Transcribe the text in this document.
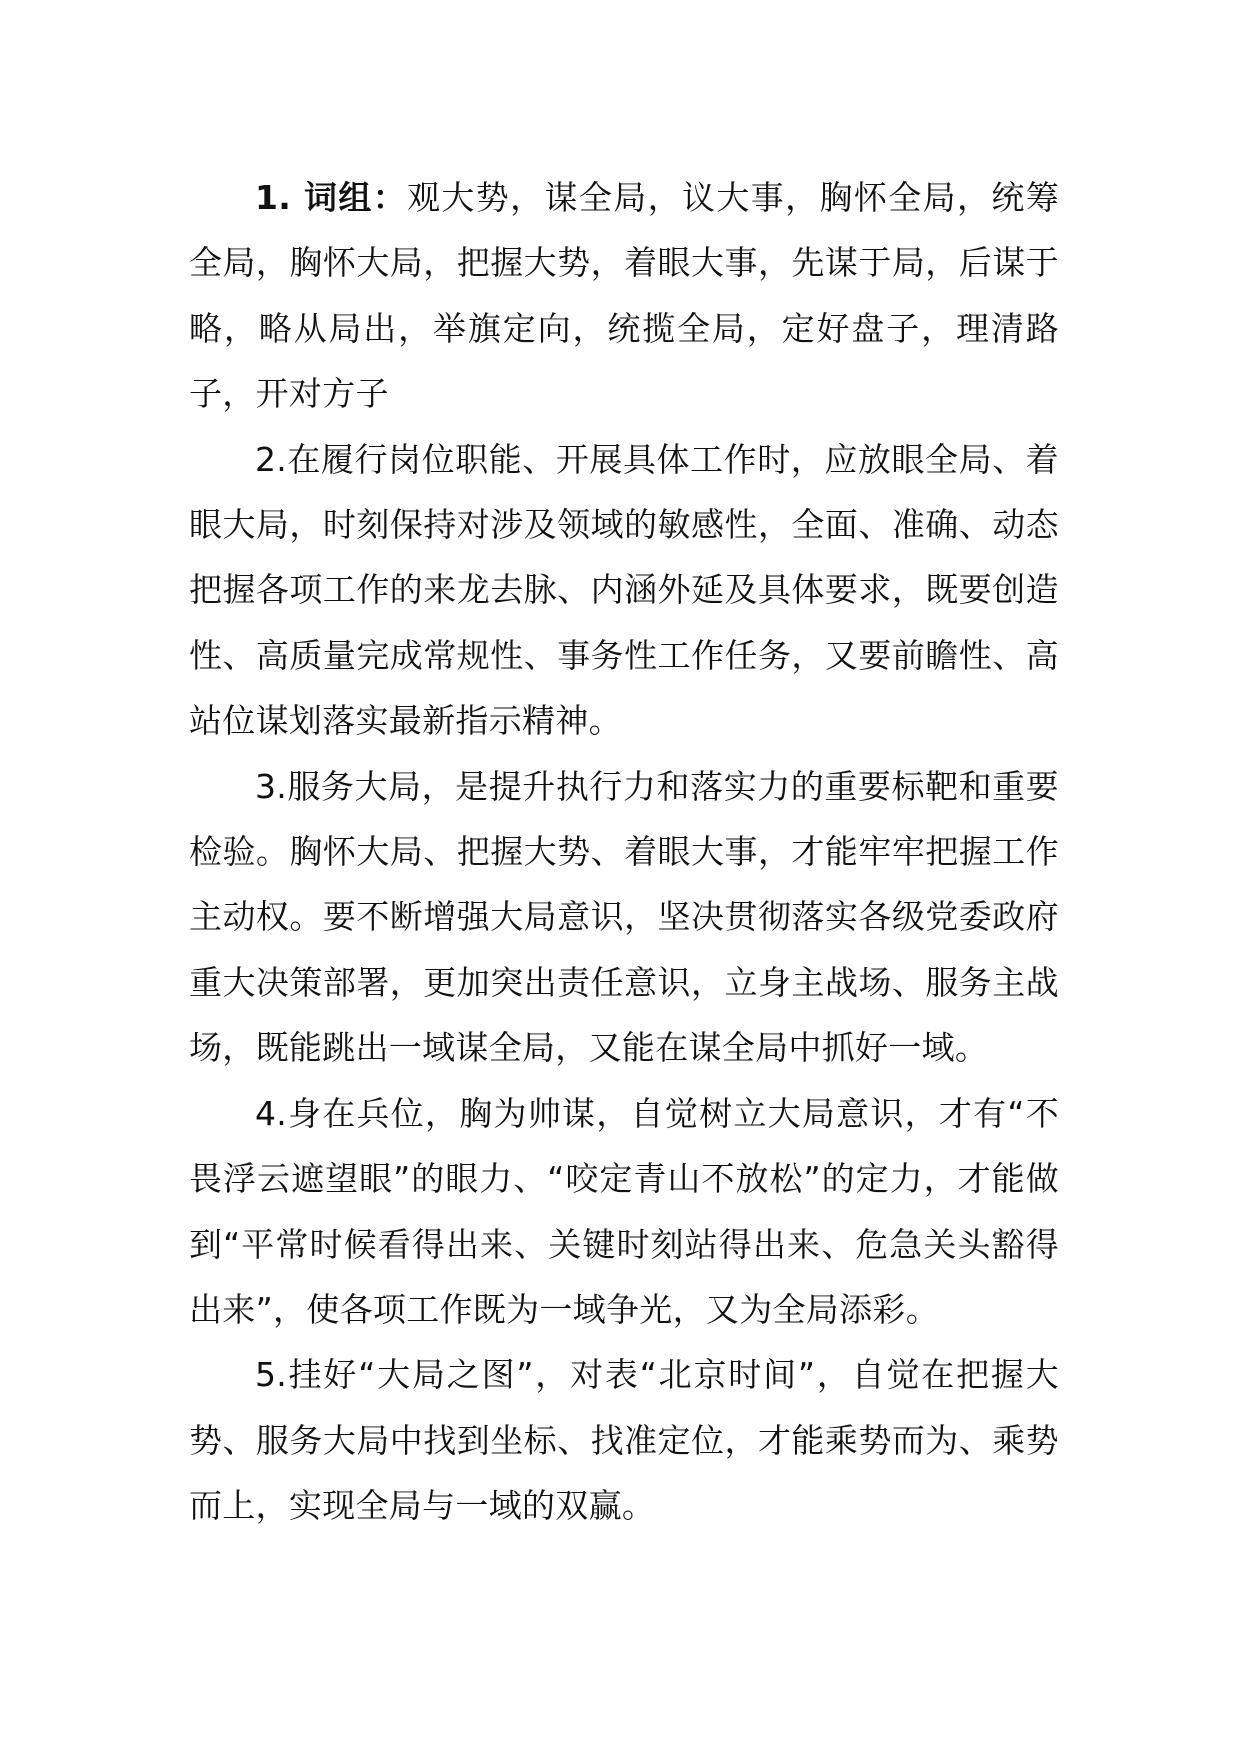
1. 词组：观大势，谋全局，议大事，胸怀全局，统筹全局，胸怀大局，把握大势，着眼大事，先谋于局，后谋于略，略从局出，举旗定向，统揽全局，定好盘子，理清路子，开对方子

2.在履行岗位职能、开展具体工作时，应放眼全局、着眼大局，时刻保持对涉及领域的敏感性，全面、准确、动态把握各项工作的来龙去脉、内涵外延及具体要求，既要创造性、高质量完成常规性、事务性工作任务，又要前瞻性、高站位谋划落实最新指示精神。

3.服务大局，是提升执行力和落实力的重要标靶和重要检验。胸怀大局、把握大势、着眼大事，才能牢牢把握工作主动权。要不断增强大局意识，坚决贯彻落实各级党委政府重大决策部署，更加突出责任意识，立身主战场、服务主战场，既能跳出一域谋全局，又能在谋全局中抓好一域。

4.身在兵位，胸为帅谋，自觉树立大局意识，才有“不畏浮云遮望眼”的眼力、“咬定青山不放松”的定力，才能做到“平常时候看得出来、关键时刻站得出来、危急关头豁得出来”，使各项工作既为一域争光，又为全局添彩。

5.挂好“大局之图”，对表“北京时间”，自觉在把握大势、服务大局中找到坐标、找准定位，才能乘势而为、乘势而上，实现全局与一域的双赢。
